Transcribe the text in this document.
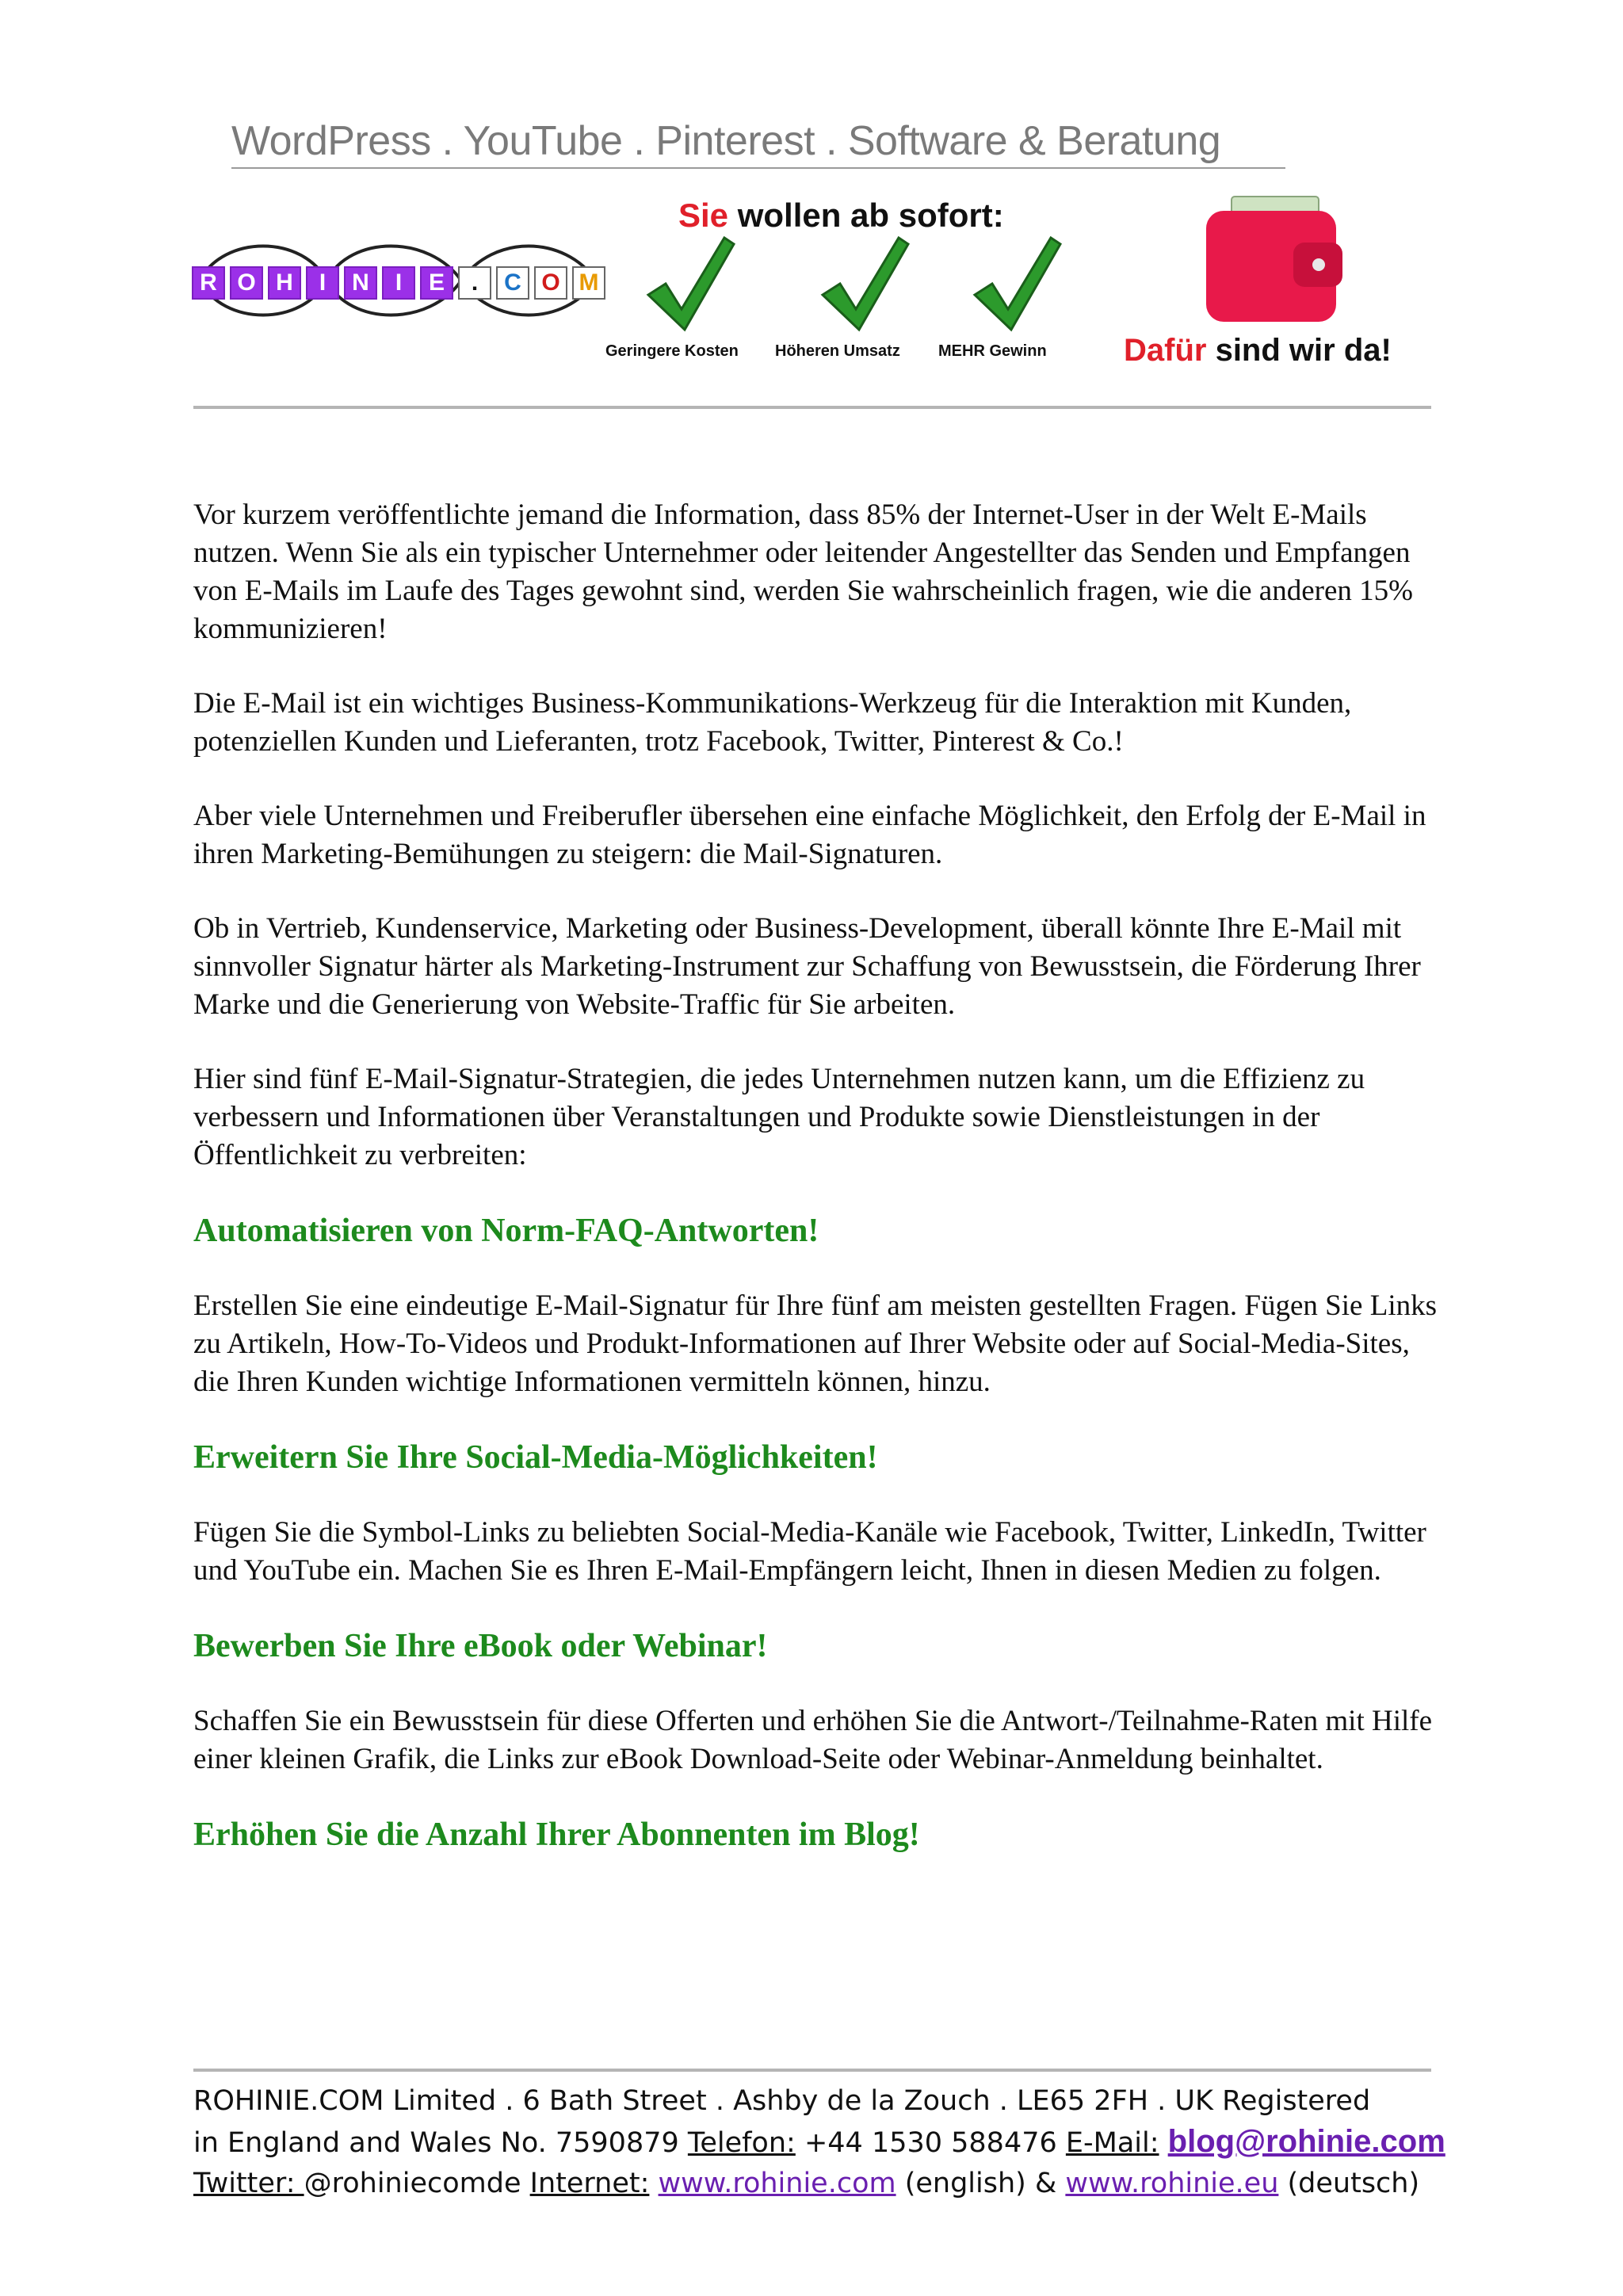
WordPress . YouTube . Pinterest . Software & Beratung
R O H	I	N	I	E	.	C O M
Sie wollen ab sofort:
Geringere Kosten Höheren Umsatz MEHR Gewinn Dafür sind wir da!

Vor kurzem veröffentlichte jemand die Information, dass 85% der Internet-User in der Welt E-Mails nutzen. Wenn Sie als ein typischer Unternehmer oder leitender Angestellter das Senden und Empfangen von E-Mails im Laufe des Tages gewohnt sind, werden Sie wahrscheinlich fragen, wie die anderen 15% kommunizieren!

Die E-Mail ist ein wichtiges Business-Kommunikations-Werkzeug für die Interaktion mit Kunden, potenziellen Kunden und Lieferanten, trotz Facebook, Twitter, Pinterest & Co.!

Aber viele Unternehmen und Freiberufler übersehen eine einfache Möglichkeit, den Erfolg der E-Mail in ihren Marketing-Bemühungen zu steigern: die Mail-Signaturen.

Ob in Vertrieb, Kundenservice, Marketing oder Business-Development, überall könnte Ihre E-Mail mit sinnvoller Signatur härter als Marketing-Instrument zur Schaffung von Bewusstsein, die Förderung Ihrer Marke und die Generierung von Website-Traffic für Sie arbeiten.

Hier sind fünf E-Mail-Signatur-Strategien, die jedes Unternehmen nutzen kann, um die Effizienz zu verbessern und Informationen über Veranstaltungen und Produkte sowie Dienstleistungen in der Öffentlichkeit zu verbreiten:

Automatisieren von Norm-FAQ-Antworten!

Erstellen Sie eine eindeutige E-Mail-Signatur für Ihre fünf am meisten gestellten Fragen. Fügen Sie Links zu Artikeln, How-To-Videos und Produkt-Informationen auf Ihrer Website oder auf Social-Media-Sites, die Ihren Kunden wichtige Informationen vermitteln können, hinzu.

Erweitern Sie Ihre Social-Media-Möglichkeiten!

Fügen Sie die Symbol-Links zu beliebten Social-Media-Kanäle wie Facebook, Twitter, LinkedIn, Twitter und YouTube ein. Machen Sie es Ihren E-Mail-Empfängern leicht, Ihnen in diesen Medien zu folgen.

Bewerben Sie Ihre eBook oder Webinar!

Schaffen Sie ein Bewusstsein für diese Offerten und erhöhen Sie die Antwort-/Teilnahme-Raten mit Hilfe einer kleinen Grafik, die Links zur eBook Download-Seite oder Webinar-Anmeldung beinhaltet.

Erhöhen Sie die Anzahl Ihrer Abonnenten im Blog!
ROHINIE.COM Limited . 6 Bath Street . Ashby de la Zouch . LE65 2FH . UK Registered
in England and Wales No. 7590879 Telefon: +44 1530 588476 E-Mail: blog@rohinie.com
Twitter: @rohiniecomde Internet: www.rohinie.com (english) & www.rohinie.eu (deutsch)
